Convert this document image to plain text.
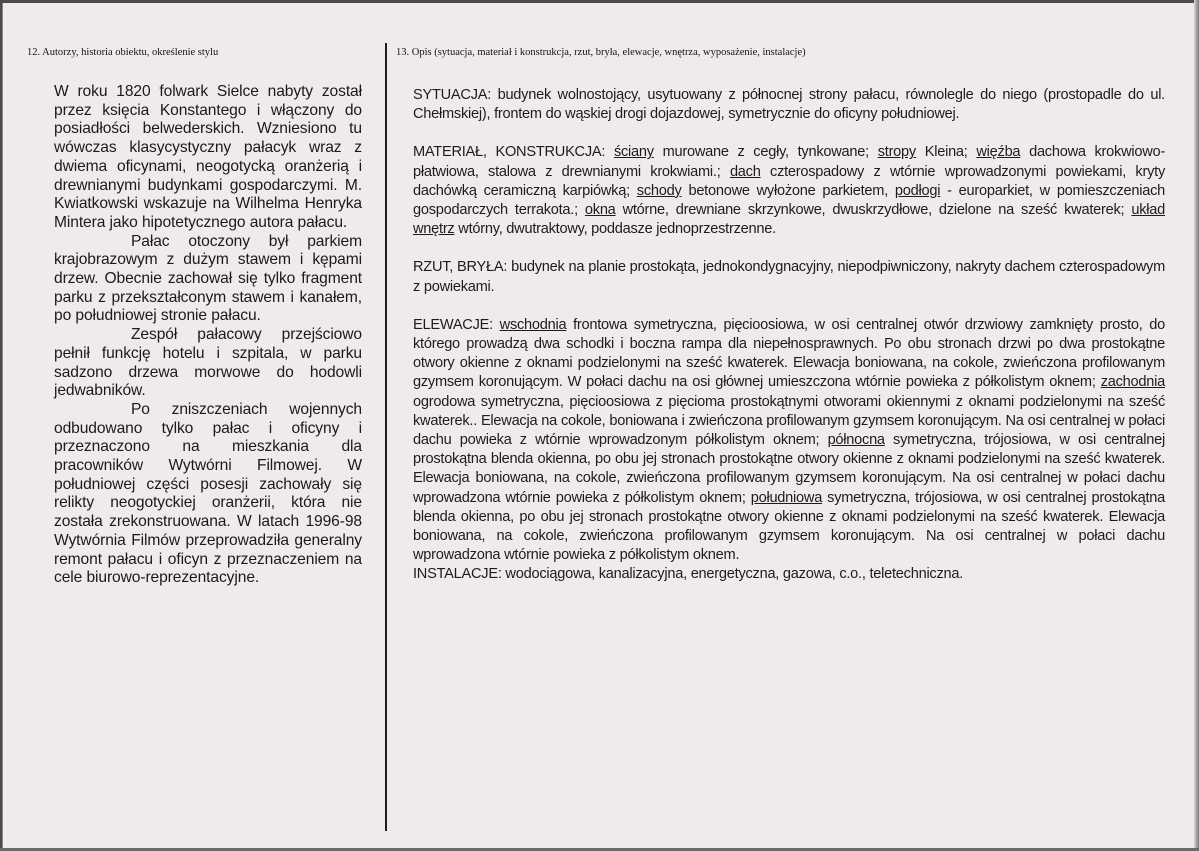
12. Autorzy, historia obiektu, określenie stylu	13. Opis (sytuacja, materiał i konstrukcja, rzut, bryła, elewacje, wnętrza, wyposażenie, instalacje)

W roku 1820 folwark Sielce nabyty został przez księcia Konstantego i włączony do posiadłości belwederskich. Wzniesiono tu wówczas klasycystyczny pałacyk wraz z dwiema oficynami, neogotycką oranżerią i drewnianymi budynkami gospodarczymi. M. Kwiatkowski wskazuje na Wilhelma Henryka Mintera jako hipotetycznego autora pałacu.

Pałac otoczony był parkiem krajobrazowym z dużym stawem i kępami drzew. Obecnie zachował się tylko fragment parku z przekształconym stawem i kanałem, po południowej stronie pałacu.

Zespół pałacowy przejściowo pełnił funkcję hotelu i szpitala, w parku sadzono drzewa morwowe do hodowli jedwabników.

Po zniszczeniach wojennych odbudowano tylko pałac i oficyny i przeznaczono na mieszkania dla pracowników Wytwórni Filmowej. W południowej części posesji zachowały się relikty neogotyckiej oranżerii, która nie została zrekonstruowana. W latach 1996-98 Wytwórnia Filmów przeprowadziła generalny remont pałacu i oficyn z przeznaczeniem na cele biurowo-reprezentacyjne.

SYTUACJA: budynek wolnostojący, usytuowany z północnej strony pałacu, równolegle do niego (prostopadle do ul. Chełmskiej), frontem do wąskiej drogi dojazdowej, symetrycznie do oficyny południowej.

MATERIAŁ, KONSTRUKCJA: ściany murowane z cegły, tynkowane; stropy Kleina; więźba dachowa krokwiowo-płatwiowa, stalowa z drewnianymi krokwiami.; dach czterospadowy z wtórnie wprowadzonymi powiekami, kryty dachówką ceramiczną karpiówką; schody betonowe wyłożone parkietem, podłogi - europarkiet, w pomieszczeniach gospodarczych terrakota.; okna wtórne, drewniane skrzynkowe, dwuskrzydłowe, dzielone na sześć kwaterek; układ wnętrz wtórny, dwutraktowy, poddasze jednoprzestrzenne.

RZUT, BRYŁA: budynek na planie prostokąta, jednokondygnacyjny, niepodpiwniczony, nakryty dachem czterospadowym z powiekami.

ELEWACJE: wschodnia frontowa symetryczna, pięcioosiowa, w osi centralnej otwór drzwiowy zamknięty prosto, do którego prowadzą dwa schodki i boczna rampa dla niepełnosprawnych. Po obu stronach drzwi po dwa prostokątne otwory okienne z oknami podzielonymi na sześć kwaterek. Elewacja boniowana, na cokole, zwieńczona profilowanym gzymsem koronującym. W połaci dachu na osi głównej umieszczona wtórnie powieka z półkolistym oknem; zachodnia ogrodowa symetryczna, pięcioosiowa z pięcioma prostokątnymi otworami okiennymi z oknami podzielonymi na sześć kwaterek.. Elewacja na cokole, boniowana i zwieńczona profilowanym gzymsem koronującym. Na osi centralnej w połaci dachu powieka z wtórnie wprowadzonym półkolistym oknem; północna symetryczna, trójosiowa, w osi centralnej prostokątna blenda okienna, po obu jej stronach prostokątne otwory okienne z oknami podzielonymi na sześć kwaterek. Elewacja boniowana, na cokole, zwieńczona profilowanym gzymsem koronującym. Na osi centralnej w połaci dachu wprowadzona wtórnie powieka z półkolistym oknem; południowa symetryczna, trójosiowa, w osi centralnej prostokątna blenda okienna, po obu jej stronach prostokątne otwory okienne z oknami podzielonymi na sześć kwaterek. Elewacja boniowana, na cokole, zwieńczona profilowanym gzymsem koronującym. Na osi centralnej w połaci dachu wprowadzona wtórnie powieka z półkolistym oknem.

INSTALACJE: wodociągowa, kanalizacyjna, energetyczna, gazowa, c.o., teletechniczna.
